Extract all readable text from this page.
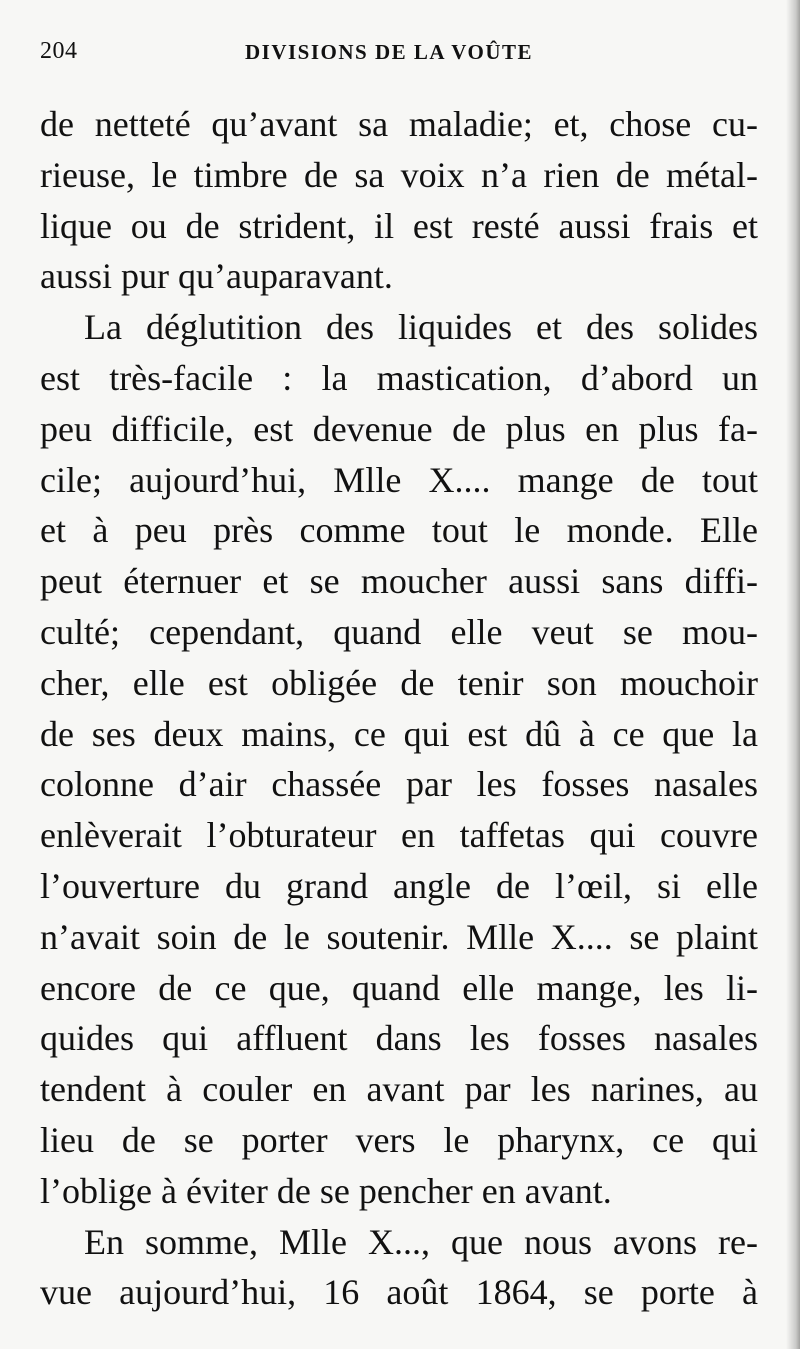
204	DIVISIONS DE LA VOÛTE
de netteté qu’avant sa maladie; et, chose cu-
rieuse, le timbre de sa voix n’a rien de métal-
lique ou de strident, il est resté aussi frais et
aussi pur qu’auparavant.
La déglutition des liquides et des solides
est très-facile : la mastication, d’abord un
peu difficile, est devenue de plus en plus fa-
cile; aujourd’hui, Mlle X.... mange de tout
et à peu près comme tout le monde. Elle
peut éternuer et se moucher aussi sans diffi-
culté; cependant, quand elle veut se mou-
cher, elle est obligée de tenir son mouchoir
de ses deux mains, ce qui est dû à ce que la
colonne d’air chassée par les fosses nasales
enlèverait l’obturateur en taffetas qui couvre
l’ouverture du grand angle de l’œil, si elle
n’avait soin de le soutenir. Mlle X.... se plaint
encore de ce que, quand elle mange, les li-
quides qui affluent dans les fosses nasales
tendent à couler en avant par les narines, au
lieu de se porter vers le pharynx, ce qui
l’oblige à éviter de se pencher en avant.
En somme, Mlle X..., que nous avons re-
vue aujourd’hui, 16 août 1864, se porte à
